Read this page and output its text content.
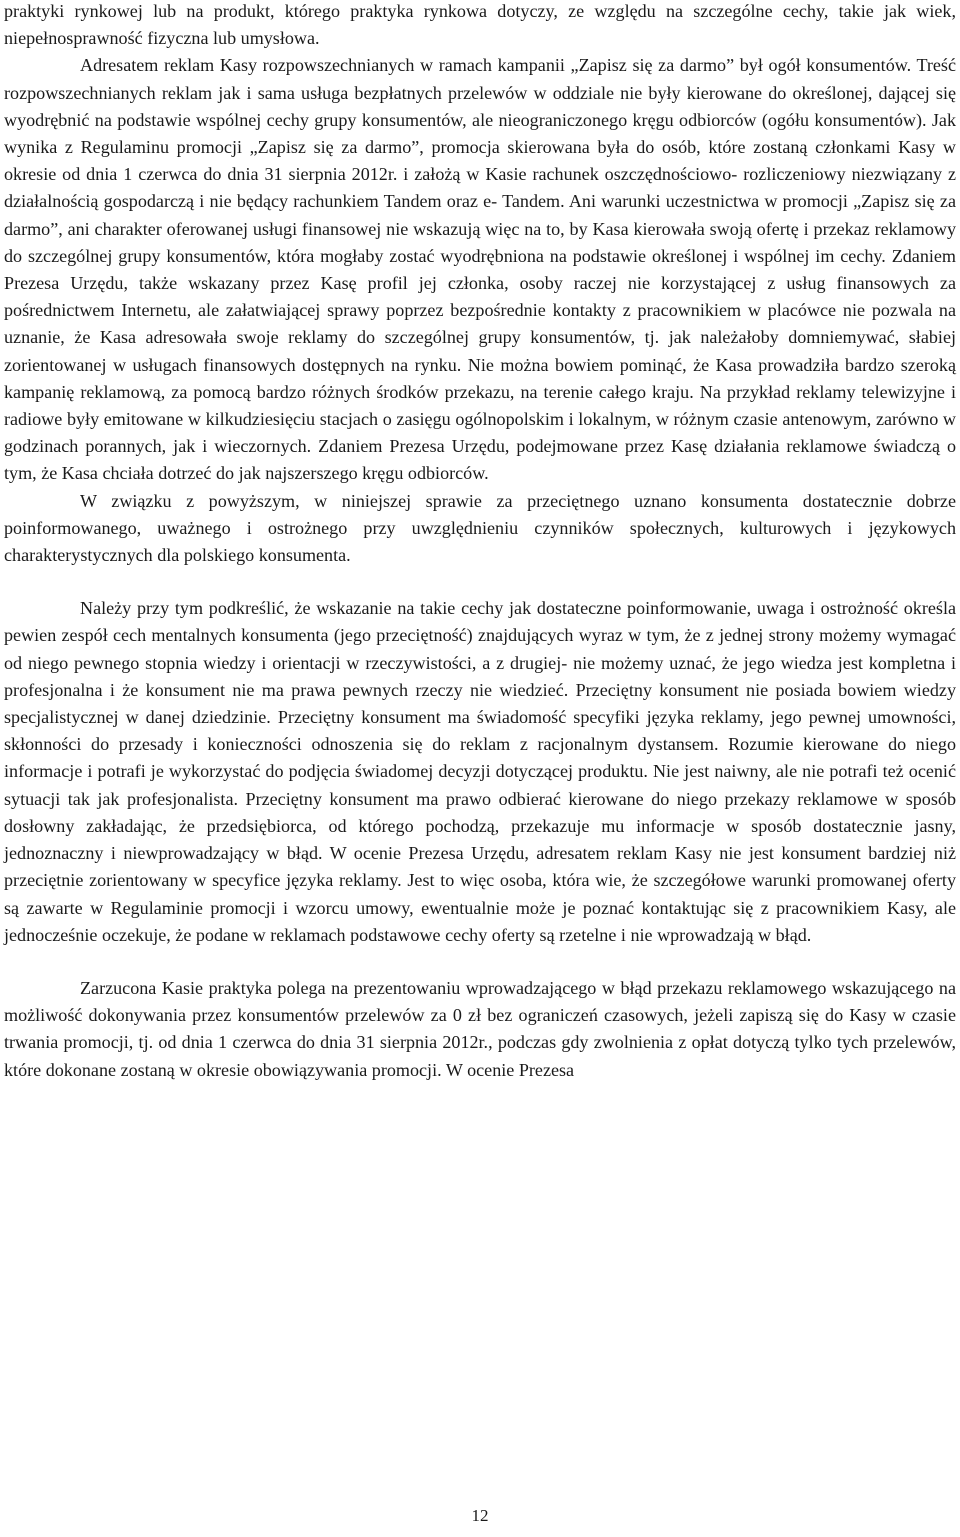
praktyki rynkowej lub na produkt, którego praktyka rynkowa dotyczy, ze względu na szczególne cechy, takie jak wiek, niepełnosprawność fizyczna lub umysłowa.

Adresatem reklam Kasy rozpowszechnianych w ramach kampanii „Zapisz się za darmo” był ogół konsumentów. Treść rozpowszechnianych reklam jak i sama usługa bezpłatnych przelewów w oddziale nie były kierowane do określonej, dającej się wyodrębnić na podstawie wspólnej cechy grupy konsumentów, ale nieograniczonego kręgu odbiorców (ogółu konsumentów). Jak wynika z Regulaminu promocji „Zapisz się za darmo”, promocja skierowana była do osób, które zostaną członkami Kasy w okresie od dnia 1 czerwca do dnia 31 sierpnia 2012r. i założą w Kasie rachunek oszczędnościowo- rozliczeniowy niezwiązany z działalnością gospodarczą i nie będący rachunkiem Tandem oraz e- Tandem. Ani warunki uczestnictwa w promocji „Zapisz się za darmo”, ani charakter oferowanej usługi finansowej nie wskazują więc na to, by Kasa kierowała swoją ofertę i przekaz reklamowy do szczególnej grupy konsumentów, która mogłaby zostać wyodrębniona na podstawie określonej i wspólnej im cechy. Zdaniem Prezesa Urzędu, także wskazany przez Kasę profil jej członka, osoby raczej nie korzystającej z usług finansowych za pośrednictwem Internetu, ale załatwiającej sprawy poprzez bezpośrednie kontakty z pracownikiem w placówce nie pozwala na uznanie, że Kasa adresowała swoje reklamy do szczególnej grupy konsumentów, tj. jak należałoby domniemywać, słabiej zorientowanej w usługach finansowych dostępnych na rynku. Nie można bowiem pominąć, że Kasa prowadziła bardzo szeroką kampanię reklamową, za pomocą bardzo różnych środków przekazu, na terenie całego kraju. Na przykład reklamy telewizyjne i radiowe były emitowane w kilkudziesięciu stacjach o zasięgu ogólnopolskim i lokalnym, w różnym czasie antenowym, zarówno w godzinach porannych, jak i wieczornych. Zdaniem Prezesa Urzędu, podejmowane przez Kasę działania reklamowe świadczą o tym, że Kasa chciała dotrzeć do jak najszerszego kręgu odbiorców.

W związku z powyższym, w niniejszej sprawie za przeciętnego uznano konsumenta dostatecznie dobrze poinformowanego, uważnego i ostrożnego przy uwzględnieniu czynników społecznych, kulturowych i językowych charakterystycznych dla polskiego konsumenta.

Należy przy tym podkreślić, że wskazanie na takie cechy jak dostateczne poinformowanie, uwaga i ostrożność określa pewien zespół cech mentalnych konsumenta (jego przeciętność) znajdujących wyraz w tym, że z jednej strony możemy wymagać od niego pewnego stopnia wiedzy i orientacji w rzeczywistości, a z drugiej- nie możemy uznać, że jego wiedza jest kompletna i profesjonalna i że konsument nie ma prawa pewnych rzeczy nie wiedzieć. Przeciętny konsument nie posiada bowiem wiedzy specjalistycznej w danej dziedzinie. Przeciętny konsument ma świadomość specyfiki języka reklamy, jego pewnej umowności, skłonności do przesady i konieczności odnoszenia się do reklam z racjonalnym dystansem. Rozumie kierowane do niego informacje i potrafi je wykorzystać do podjęcia świadomej decyzji dotyczącej produktu. Nie jest naiwny, ale nie potrafi też ocenić sytuacji tak jak profesjonalista. Przeciętny konsument ma prawo odbierać kierowane do niego przekazy reklamowe w sposób dosłowny zakładając, że przedsiębiorca, od którego pochodzą, przekazuje mu informacje w sposób dostatecznie jasny, jednoznaczny i niewprowadzający w błąd. W ocenie Prezesa Urzędu, adresatem reklam Kasy nie jest konsument bardziej niż przeciętnie zorientowany w specyfice języka reklamy. Jest to więc osoba, która wie, że szczegółowe warunki promowanej oferty są zawarte w Regulaminie promocji i wzorcu umowy, ewentualnie może je poznać kontaktując się z pracownikiem Kasy, ale jednocześnie oczekuje, że podane w reklamach podstawowe cechy oferty są rzetelne i nie wprowadzają w błąd.

Zarzucona Kasie praktyka polega na prezentowaniu wprowadzającego w błąd przekazu reklamowego wskazującego na możliwość dokonywania przez konsumentów przelewów za 0 zł bez ograniczeń czasowych, jeżeli zapiszą się do Kasy w czasie trwania promocji, tj. od dnia 1 czerwca do dnia 31 sierpnia 2012r., podczas gdy zwolnienia z opłat dotyczą tylko tych przelewów, które dokonane zostaną w okresie obowiązywania promocji. W ocenie Prezesa

12
